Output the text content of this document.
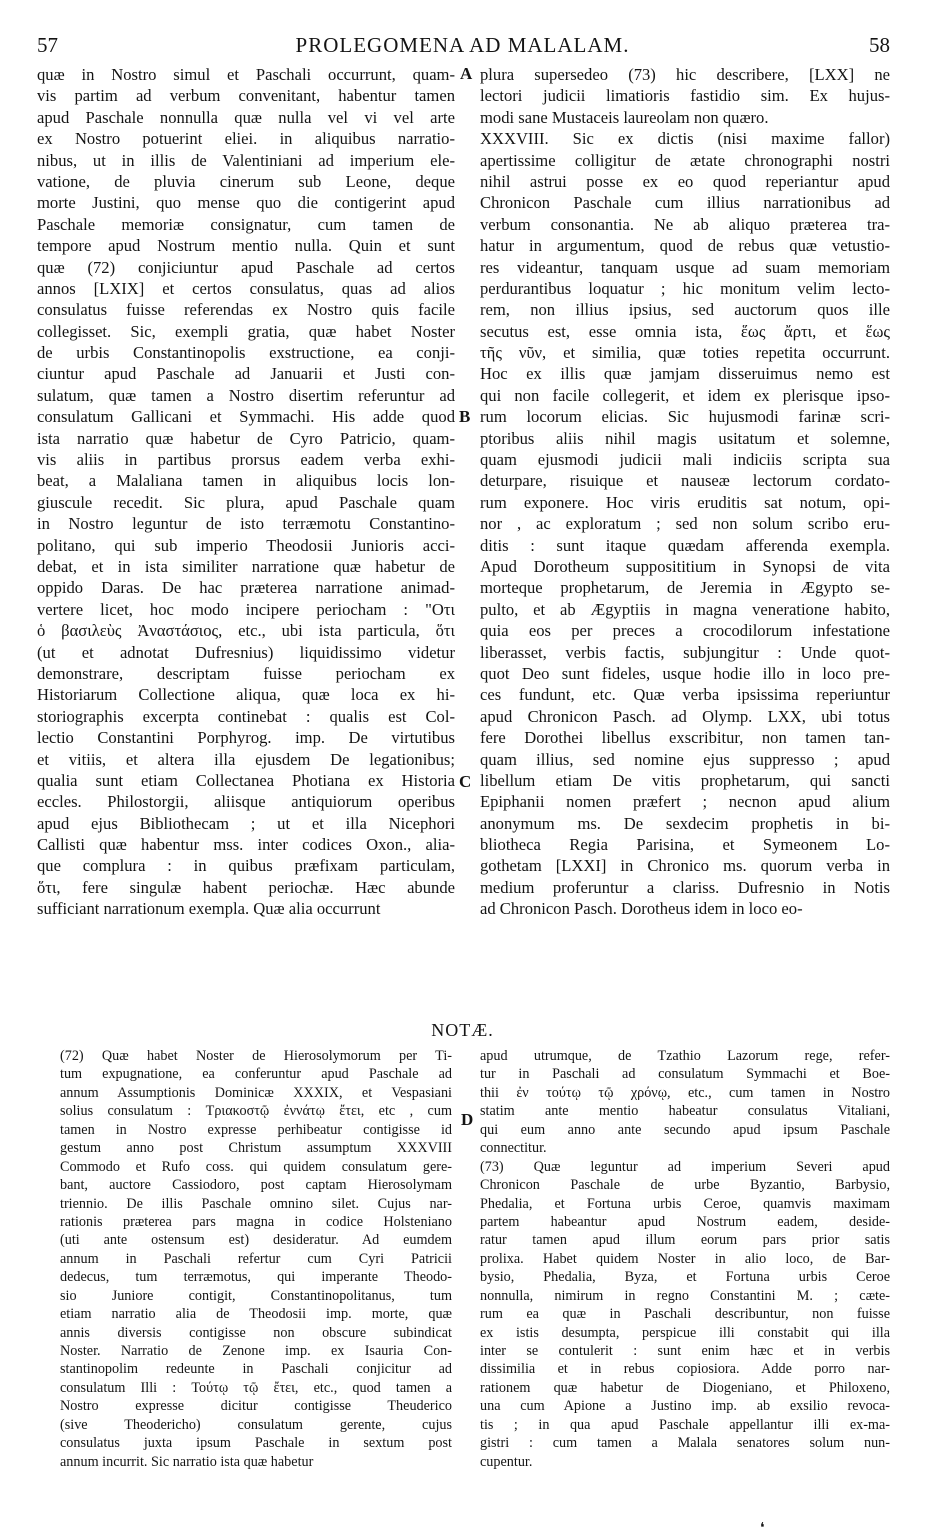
57	PROLEGOMENA AD MALALAM.	58
quæ in Nostro simul et Paschali occurrunt, quam-
vis partim ad verbum convenitant, habentur tamen
apud Paschale nonnulla quæ nulla vel vi vel arte
ex Nostro potuerint eliei. in aliquibus narratio-
nibus, ut in illis de Valentiniani ad imperium ele-
vatione, de pluvia cinerum sub Leone, deque
morte Justini, quo mense quo die contigerint apud
Paschale memoriæ consignatur, cum tamen de
tempore apud Nostrum mentio nulla. Quin et sunt
quæ (72) conjiciuntur apud Paschale ad certos
annos [LXIX] et certos consulatus, quas ad alios
consulatus fuisse referendas ex Nostro quis facile
collegisset. Sic, exempli gratia, quæ habet Noster
de urbis Constantinopolis exstructione, ea conji-
ciuntur apud Paschale ad Januarii et Justi con-
sulatum, quæ tamen a Nostro disertim referuntur ad
consulatum Gallicani et Symmachi. His adde quod
ista narratio quæ habetur de Cyro Patricio, quam-
vis aliis in partibus prorsus eadem verba exhi-
beat, a Malaliana tamen in aliquibus locis lon-
giuscule recedit. Sic plura, apud Paschale quam
in Nostro leguntur de isto terræmotu Constantino-
politano, qui sub imperio Theodosii Junioris acci-
debat, et in ista similiter narratione quæ habetur de
oppido Daras. De hac præterea narratione animad-
vertere licet, hoc modo incipere periocham : "Οτι
ὁ βασιλεὺς Ἀναστάσιος, etc., ubi ista particula, ὅτι
(ut et adnotat Dufresnius) liquidissimo videtur
demonstrare, descriptam fuisse periocham ex
Historiarum Collectione aliqua, quæ loca ex hi-
storiographis excerpta continebat : qualis est Col-
lectio Constantini Porphyrog. imp. De virtutibus
et vitiis, et altera illa ejusdem De legationibus;
qualia sunt etiam Collectanea Photiana ex Historia
eccles. Philostorgii, aliisque antiquiorum operibus
apud ejus Bibliothecam ; ut et illa Nicephori
Callisti quæ habentur mss. inter codices Oxon., alia-
que complura : in quibus præfixam particulam,
ὅτι, fere singulæ habent periochæ. Hæc abunde
sufficiant narrationum exempla. Quæ alia occurrunt
plura supersedeo (73) hic describere, [LXX] ne
lectori judicii limatioris fastidio sim. Ex hujus-
modi sane Mustaceis laureolam non quæro.
XXXVIII. Sic ex dictis (nisi maxime fallor)
apertissime colligitur de ætate chronographi nostri
nihil astrui posse ex eo quod reperiantur apud
Chronicon Paschale cum illius narrationibus ad
verbum consonantia. Ne ab aliquo præterea tra-
hatur in argumentum, quod de rebus quæ vetustio-
res videantur, tanquam usque ad suam memoriam
perdurantibus loquatur ; hic monitum velim lecto-
rem, non illius ipsius, sed auctorum quos ille
secutus est, esse omnia ista, ἕως ἄρτι, et ἕως
τῆς νῦν, et similia, quæ toties repetita occurrunt.
Hoc ex illis quæ jamjam disseruimus nemo est
qui non facile collegerit, et idem ex plerisque ipso-
rum locorum elicias. Sic hujusmodi farinæ scri-
ptoribus aliis nihil magis usitatum et solemne,
quam ejusmodi judicii mali indiciis scripta sua
deturpare, risuique et nauseæ lectorum cordato-
rum exponere. Hoc viris eruditis sat notum, opi-
nor , ac exploratum ; sed non solum scribo eru-
ditis : sunt itaque quædam afferenda exempla.
Apud Dorotheum supposititium in Synopsi de vita
morteque prophetarum, de Jeremia in Ægypto se-
pulto, et ab Ægyptiis in magna veneratione habito,
quia eos per preces a crocodilorum infestatione
liberasset, verbis factis, subjungitur : Unde quot-
quot Deo sunt fideles, usque hodie illo in loco pre-
ces fundunt, etc. Quæ verba ipsissima reperiuntur
apud Chronicon Pasch. ad Olymp. LXX, ubi totus
fere Dorothei libellus exscribitur, non tamen tan-
quam illius, sed nomine ejus suppresso ; apud
libellum etiam De vitis prophetarum, qui sancti
Epiphanii nomen præfert ; necnon apud alium
anonymum ms. De sexdecim prophetis in bi-
bliotheca Regia Parisina, et Symeonem Lo-
gothetam [LXXI] in Chronico ms. quorum verba in
medium proferuntur a clariss. Dufresnio in Notis
ad Chronicon Pasch. Dorotheus idem in loco eo-
A
B
C
D
NOTÆ.
(72) Quæ habet Noster de Hierosolymorum per Ti-
tum expugnatione, ea conferuntur apud Paschale ad
annum Assumptionis Dominicæ XXXIX, et Vespasiani
solius consulatum : Τριακοστῷ ἐννάτῳ ἔτει, etc , cum
tamen in Nostro expresse perhibeatur contigisse id
gestum anno post Christum assumptum XXXVIII
Commodo et Rufo coss. qui quidem consulatum gere-
bant, auctore Cassiodoro, post captam Hierosolymam
triennio. De illis Paschale omnino silet. Cujus nar-
rationis præterea pars magna in codice Holsteniano
(uti ante ostensum est) desideratur. Ad eumdem
annum in Paschali refertur cum Cyri Patricii
dedecus, tum terræmotus, qui imperante Theodo-
sio Juniore contigit, Constantinopolitanus, tum
etiam narratio alia de Theodosii imp. morte, quæ
annis diversis contigisse non obscure subindicat
Noster. Narratio de Zenone imp. ex Isauria Con-
stantinopolim redeunte in Paschali conjicitur ad
consulatum Illi : Τούτῳ τῷ ἔτει, etc., quod tamen a
Nostro expresse dicitur contigisse Theuderico
(sive Theodericho) consulatum gerente, cujus
consulatus juxta ipsum Paschale in sextum post
annum incurrit. Sic narratio ista quæ habetur
apud utrumque, de Tzathio Lazorum rege, refer-
tur in Paschali ad consulatum Symmachi et Boe-
thii ἐν τούτῳ τῷ χρόνῳ, etc., cum tamen in Nostro
statim ante mentio habeatur consulatus Vitaliani,
qui eum anno ante secundo apud ipsum Paschale
connectitur.
(73) Quæ leguntur ad imperium Severi apud
Chronicon Paschale de urbe Byzantio, Barbysio,
Phedalia, et Fortuna urbis Ceroe, quamvis maximam
partem habeantur apud Nostrum eadem, deside-
ratur tamen apud illum eorum pars prior satis
prolixa. Habet quidem Noster in alio loco, de Bar-
bysio, Phedalia, Byza, et Fortuna urbis Ceroe
nonnulla, nimirum in regno Constantini M. ; cæte-
rum ea quæ in Paschali describuntur, non fuisse
ex istis desumpta, perspicue illi constabit qui illa
inter se contulerit : sunt enim hæc et in verbis
dissimilia et in rebus copiosiora. Adde porro nar-
rationem quæ habetur de Diogeniano, et Philoxeno,
una cum Apione a Justino imp. ab exsilio revoca-
tis ; in qua apud Paschale appellantur illi ex-ma-
gistri : cum tamen a Malala senatores solum nun-
cupentur.
❛
